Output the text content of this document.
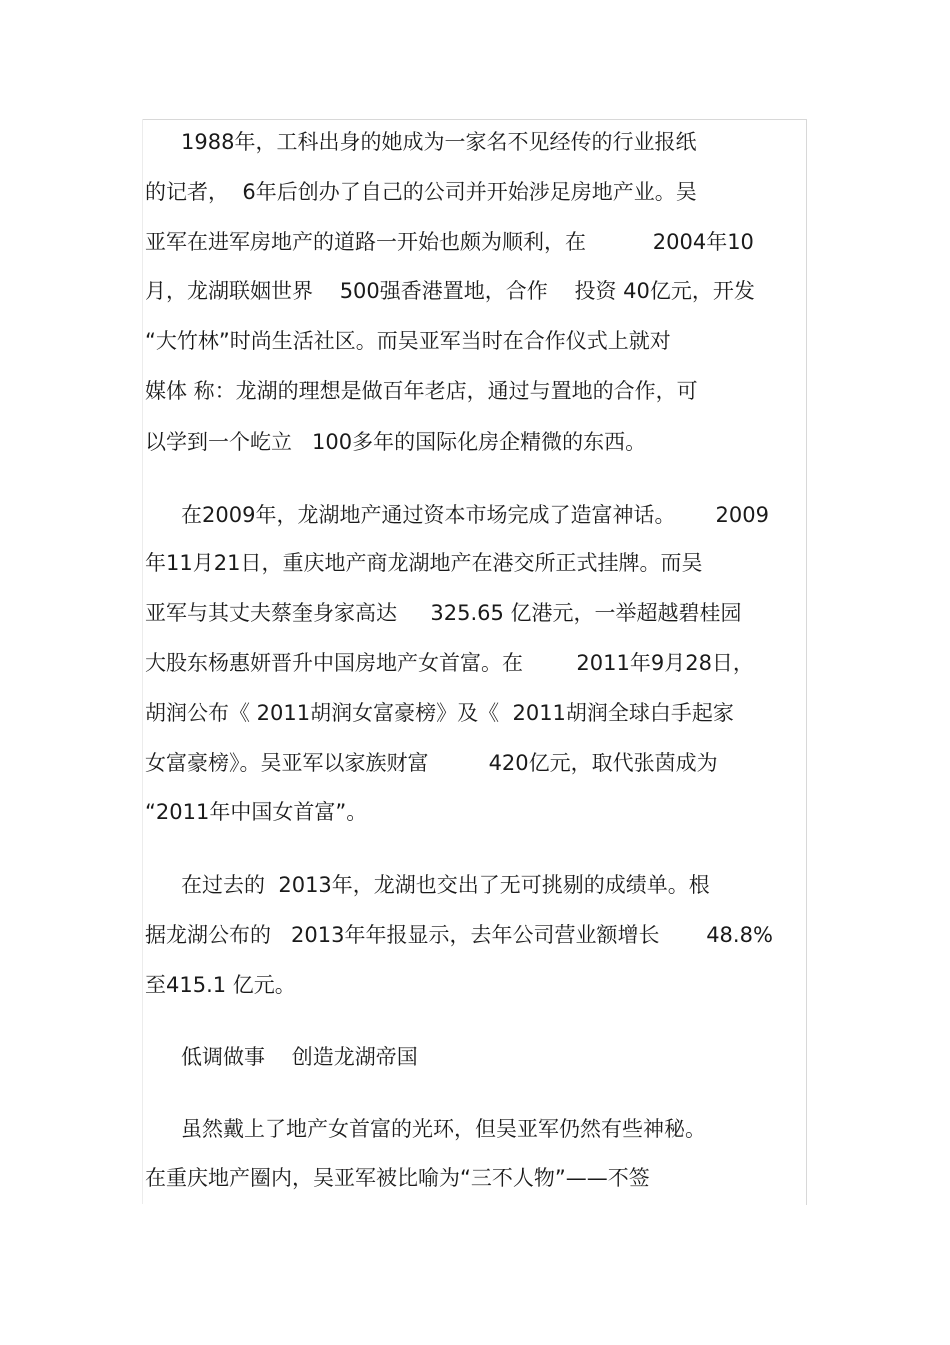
1988年，工科出身的她成为一家名不见经传的行业报纸
的记者，  6年后创办了自己的公司并开始涉足房地产业。吴
亚军在进军房地产的道路一开始也颇为顺利，在          2004年10
月，龙湖联姻世界    500强香港置地，合作    投资 40亿元，开发
“大竹林”时尚生活社区。而吴亚军当时在合作仪式上就对
媒体 称：龙湖的理想是做百年老店，通过与置地的合作，可
以学到一个屹立   100多年的国际化房企精微的东西。
在2009年，龙湖地产通过资本市场完成了造富神话。      2009
年11月21日，重庆地产商龙湖地产在港交所正式挂牌。而吴
亚军与其丈夫蔡奎身家高达     325.65 亿港元，一举超越碧桂园
大股东杨惠妍晋升中国房地产女首富。在        2011年9月28日，
胡润公布《 2011胡润女富豪榜》及《  2011胡润全球白手起家
女富豪榜》。吴亚军以家族财富         420亿元，取代张茵成为
“2011年中国女首富”。
在过去的  2013年，龙湖也交出了无可挑剔的成绩单。根
据龙湖公布的   2013年年报显示，去年公司营业额增长       48.8%
至415.1 亿元。
低调做事    创造龙湖帝国
虽然戴上了地产女首富的光环，但吴亚军仍然有些神秘。
在重庆地产圈内，吴亚军被比喻为“三不人物”——不签
